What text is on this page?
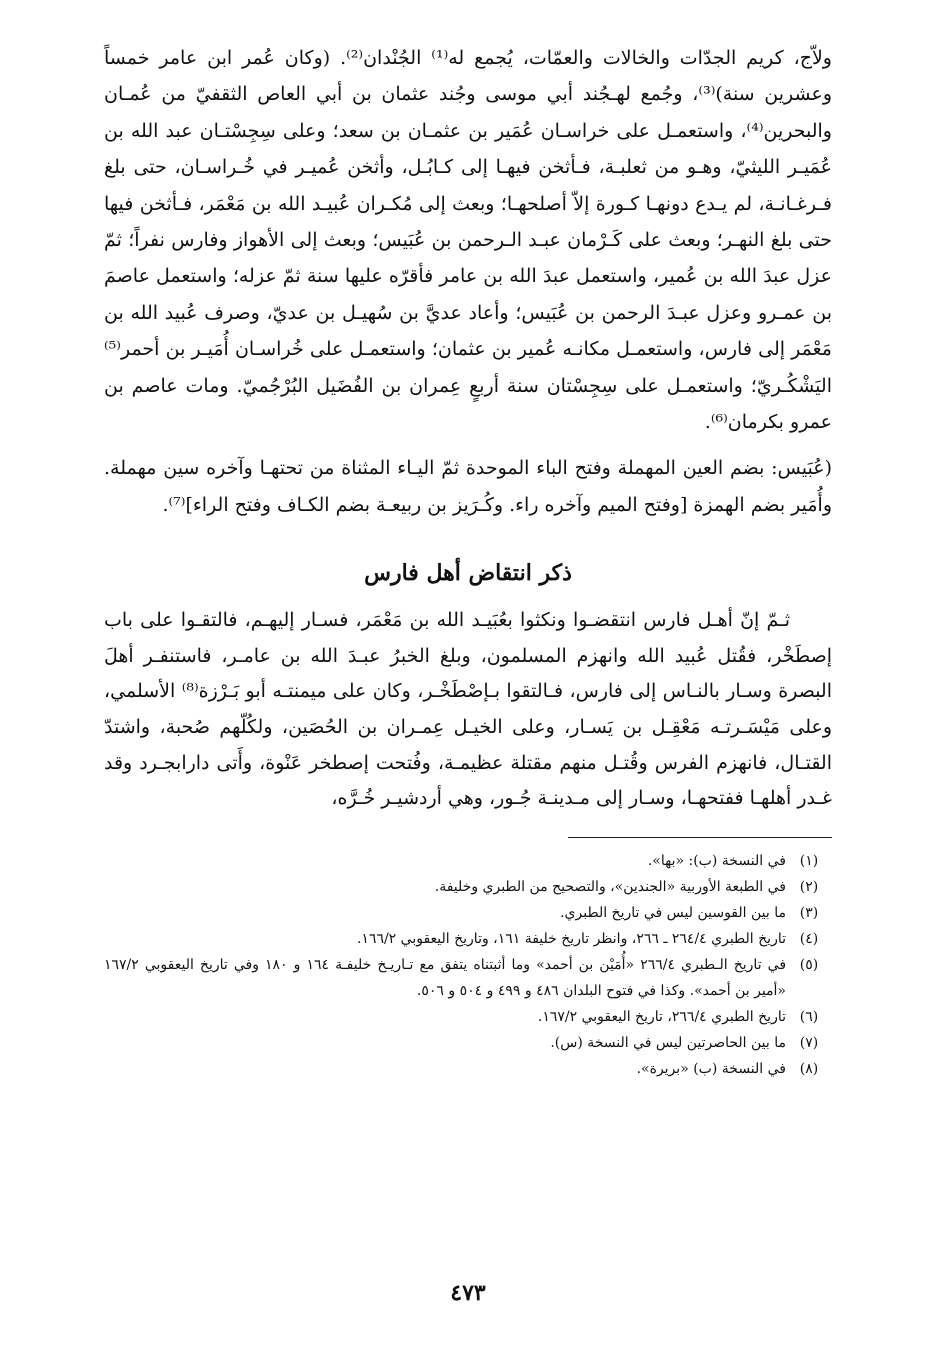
ولاّج، كريم الجدّات والخالات والعمّات، يُجمع له⁽¹⁾ الجُنْدان⁽²⁾. (وكان عُمر ابن عامر خمساً وعشرين سنة)⁽³⁾، وجُمع لهـجُند أبي موسى وجُند عثمان بن أبي العاص الثقفيّ من عُمـان والبحرين⁽⁴⁾، واستعمـل على خراسـان عُمَير بن عثمـان بن سعد؛ وعلى سِجِسْتـان عبد الله بن عُمَيـر الليثيّ، وهـو من ثعلبـة، فـأثخن فيهـا إلى كـابُـل، وأثخن عُميـر في خُـراسـان، حتى بلغ فـرغـانـة، لم يـدع دونهـا كـورة إلاّ أصلحهـا؛ وبعث إلى مُكـران عُبيـد الله بن مَعْمَر، فـأثخن فيها حتى بلغ النهـر؛ وبعث على كَـرْمان عبـد الـرحمن بن عُبَيس؛ وبعث إلى الأهواز وفارس نفراً؛ ثمّ عزل عبدَ الله بن عُمير، واستعمل عبدَ الله بن عامر فأقرّه عليها سنة ثمّ عزله؛ واستعمل عاصمَ بن عمـرو وعزل عبـدَ الرحمن بن عُبَيس؛ وأعاد عديَّ بن سُهيـل بن عديّ، وصرف عُبيد الله بن مَعْمَر إلى فارس، واستعمـل مكانـه عُمير بن عثمان؛ واستعمـل على خُراسـان أُمَيـر بن أحمر⁽⁵⁾ اليَشْكُـريّ؛ واستعمـل على سِجِسْتان سنة أربعٍ عِمران بن الفُضَيل البُرْجُميّ. ومات عاصم بن عمرو بكرمان⁽⁶⁾.

(عُبَيس: بضم العين المهملة وفتح الباء الموحدة ثمّ اليـاء المثناة من تحتهـا وآخره سين مهملة. وأُمَير بضم الهمزة [وفتح الميم وآخره راء. وكُـرَيز بن ربيعـة بضم الكـاف وفتح الراء]⁽⁷⁾.
ذكر انتقاض أهل فارس
ثـمّ إنّ أهـل فارس انتقضـوا ونكثوا بعُبَيـد الله بن مَعْمَر، فسـار إليهـم، فالتقـوا على باب إصطَخْر، فقُتل عُبيد الله وانهزم المسلمون، وبلغ الخبرُ عبـدَ الله بن عامـر، فاستنفـر أهلَ البصرة وسـار بالنـاس إلى فارس، فـالتقوا بـإصْطَخْـر، وكان على ميمنتـه أبو بَـرْزة⁽⁸⁾ الأسلمي، وعلى مَيْسَـرتـه مَعْقِـل بن يَسـار، وعلى الخيـل عِمـران بن الحُصَين، ولكُلّهم صُحبة، واشتدّ القتـال، فانهزم الفرس وقُتـل منهم مقتلة عظيمـة، وفُتحت إصطخر عَنْوة، وأَتى دارابجـرد وقد غـدر أهلهـا ففتحهـا، وسـار إلى مـدينـة جُـور، وهي أردشيـر خُـرَّه،
(١)
في النسخة (ب): «بها».
(٢)
في الطبعة الأوربية «الجندين»، والتصحيح من الطبري وخليفة.
(٣)
ما بين القوسين ليس في تاريخ الطبري.
(٤)
تاريخ الطبري ٢٦٤/٤ ـ ٢٦٦، وانظر تاريخ خليفة ١٦١، وتاريخ اليعقوبي ١٦٦/٢.
(٥)
في تاريخ الـطبري ٢٦٦/٤ «أُمَيْن بن أحمد» وما أثبتناه يتفق مع تـاريـخ خليفـة ١٦٤ و ١٨٠ وفي تاريخ اليعقوبي ١٦٧/٢ «أمير بن أحمد». وكذا في فتوح البلدان ٤٨٦ و ٤٩٩ و ٥٠٤ و ٥٠٦.
(٦)
تاريخ الطبري ٢٦٦/٤، تاريخ اليعقوبي ١٦٧/٢.
(٧)
ما بين الحاصرتين ليس في النسخة (س).
(٨)
في النسخة (ب) «بريرة».
٤٧٣
